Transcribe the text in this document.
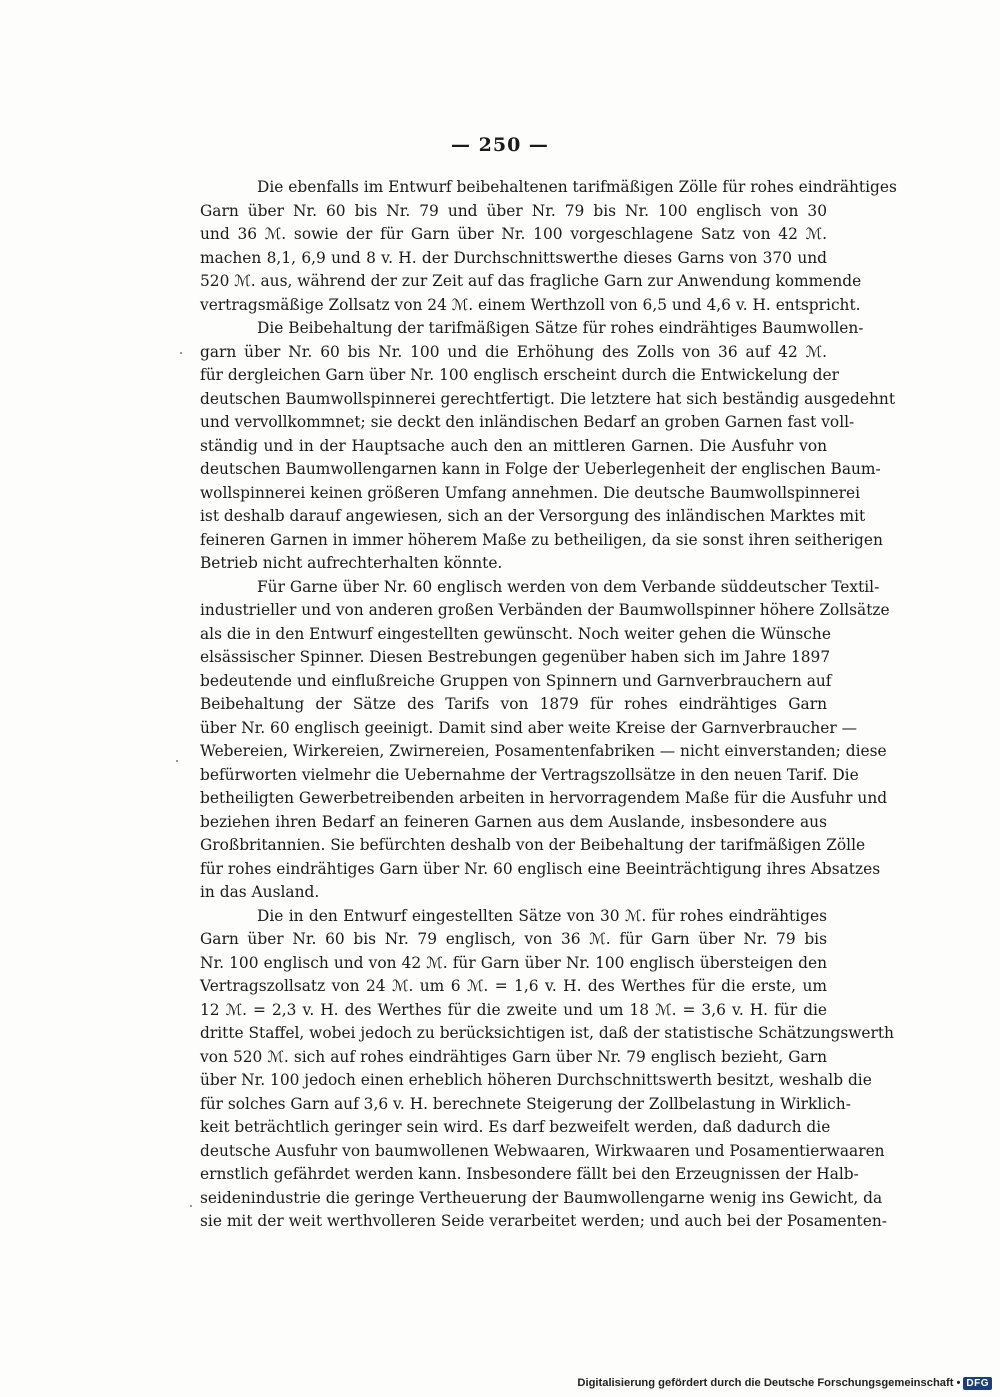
— 250 —
Die ebenfalls im Entwurf beibehaltenen tarifmäßigen Zölle für rohes eindrähtiges
Garn über Nr. 60 bis Nr. 79 und über Nr. 79 bis Nr. 100 englisch von 30
und 36 ℳ. sowie der für Garn über Nr. 100 vorgeschlagene Satz von 42 ℳ.
machen 8,1, 6,9 und 8 v. H. der Durchschnittswerthe dieses Garns von 370 und
520 ℳ. aus, während der zur Zeit auf das fragliche Garn zur Anwendung kommende
vertragsmäßige Zollsatz von 24 ℳ. einem Werthzoll von 6,5 und 4,6 v. H. entspricht.
Die Beibehaltung der tarifmäßigen Sätze für rohes eindrähtiges Baumwollen-
garn über Nr. 60 bis Nr. 100 und die Erhöhung des Zolls von 36 auf 42 ℳ.
für dergleichen Garn über Nr. 100 englisch erscheint durch die Entwickelung der
deutschen Baumwollspinnerei gerechtfertigt. Die letztere hat sich beständig ausgedehnt
und vervollkommnet; sie deckt den inländischen Bedarf an groben Garnen fast voll-
ständig und in der Hauptsache auch den an mittleren Garnen. Die Ausfuhr von
deutschen Baumwollengarnen kann in Folge der Ueberlegenheit der englischen Baum-
wollspinnerei keinen größeren Umfang annehmen. Die deutsche Baumwollspinnerei
ist deshalb darauf angewiesen, sich an der Versorgung des inländischen Marktes mit
feineren Garnen in immer höherem Maße zu betheiligen, da sie sonst ihren seitherigen
Betrieb nicht aufrechterhalten könnte.
Für Garne über Nr. 60 englisch werden von dem Verbande süddeutscher Textil-
industrieller und von anderen großen Verbänden der Baumwollspinner höhere Zollsätze
als die in den Entwurf eingestellten gewünscht. Noch weiter gehen die Wünsche
elsässischer Spinner. Diesen Bestrebungen gegenüber haben sich im Jahre 1897
bedeutende und einflußreiche Gruppen von Spinnern und Garnverbrauchern auf
Beibehaltung der Sätze des Tarifs von 1879 für rohes eindrähtiges Garn
über Nr. 60 englisch geeinigt. Damit sind aber weite Kreise der Garnverbraucher —
Webereien, Wirkereien, Zwirnereien, Posamentenfabriken — nicht einverstanden; diese
befürworten vielmehr die Uebernahme der Vertragszollsätze in den neuen Tarif. Die
betheiligten Gewerbetreibenden arbeiten in hervorragendem Maße für die Ausfuhr und
beziehen ihren Bedarf an feineren Garnen aus dem Auslande, insbesondere aus
Großbritannien. Sie befürchten deshalb von der Beibehaltung der tarifmäßigen Zölle
für rohes eindrähtiges Garn über Nr. 60 englisch eine Beeinträchtigung ihres Absatzes
in das Ausland.
Die in den Entwurf eingestellten Sätze von 30 ℳ. für rohes eindrähtiges
Garn über Nr. 60 bis Nr. 79 englisch, von 36 ℳ. für Garn über Nr. 79 bis
Nr. 100 englisch und von 42 ℳ. für Garn über Nr. 100 englisch übersteigen den
Vertragszollsatz von 24 ℳ. um 6 ℳ. = 1,6 v. H. des Werthes für die erste, um
12 ℳ. = 2,3 v. H. des Werthes für die zweite und um 18 ℳ. = 3,6 v. H. für die
dritte Staffel, wobei jedoch zu berücksichtigen ist, daß der statistische Schätzungswerth
von 520 ℳ. sich auf rohes eindrähtiges Garn über Nr. 79 englisch bezieht, Garn
über Nr. 100 jedoch einen erheblich höheren Durchschnittswerth besitzt, weshalb die
für solches Garn auf 3,6 v. H. berechnete Steigerung der Zollbelastung in Wirklich-
keit beträchtlich geringer sein wird. Es darf bezweifelt werden, daß dadurch die
deutsche Ausfuhr von baumwollenen Webwaaren, Wirkwaaren und Posamentierwaaren
ernstlich gefährdet werden kann. Insbesondere fällt bei den Erzeugnissen der Halb-
seidenindustrie die geringe Vertheuerung der Baumwollengarne wenig ins Gewicht, da
sie mit der weit werthvolleren Seide verarbeitet werden; und auch bei der Posamenten-
Digitalisierung gefördert durch die Deutsche Forschungsgemeinschaft • DFG
